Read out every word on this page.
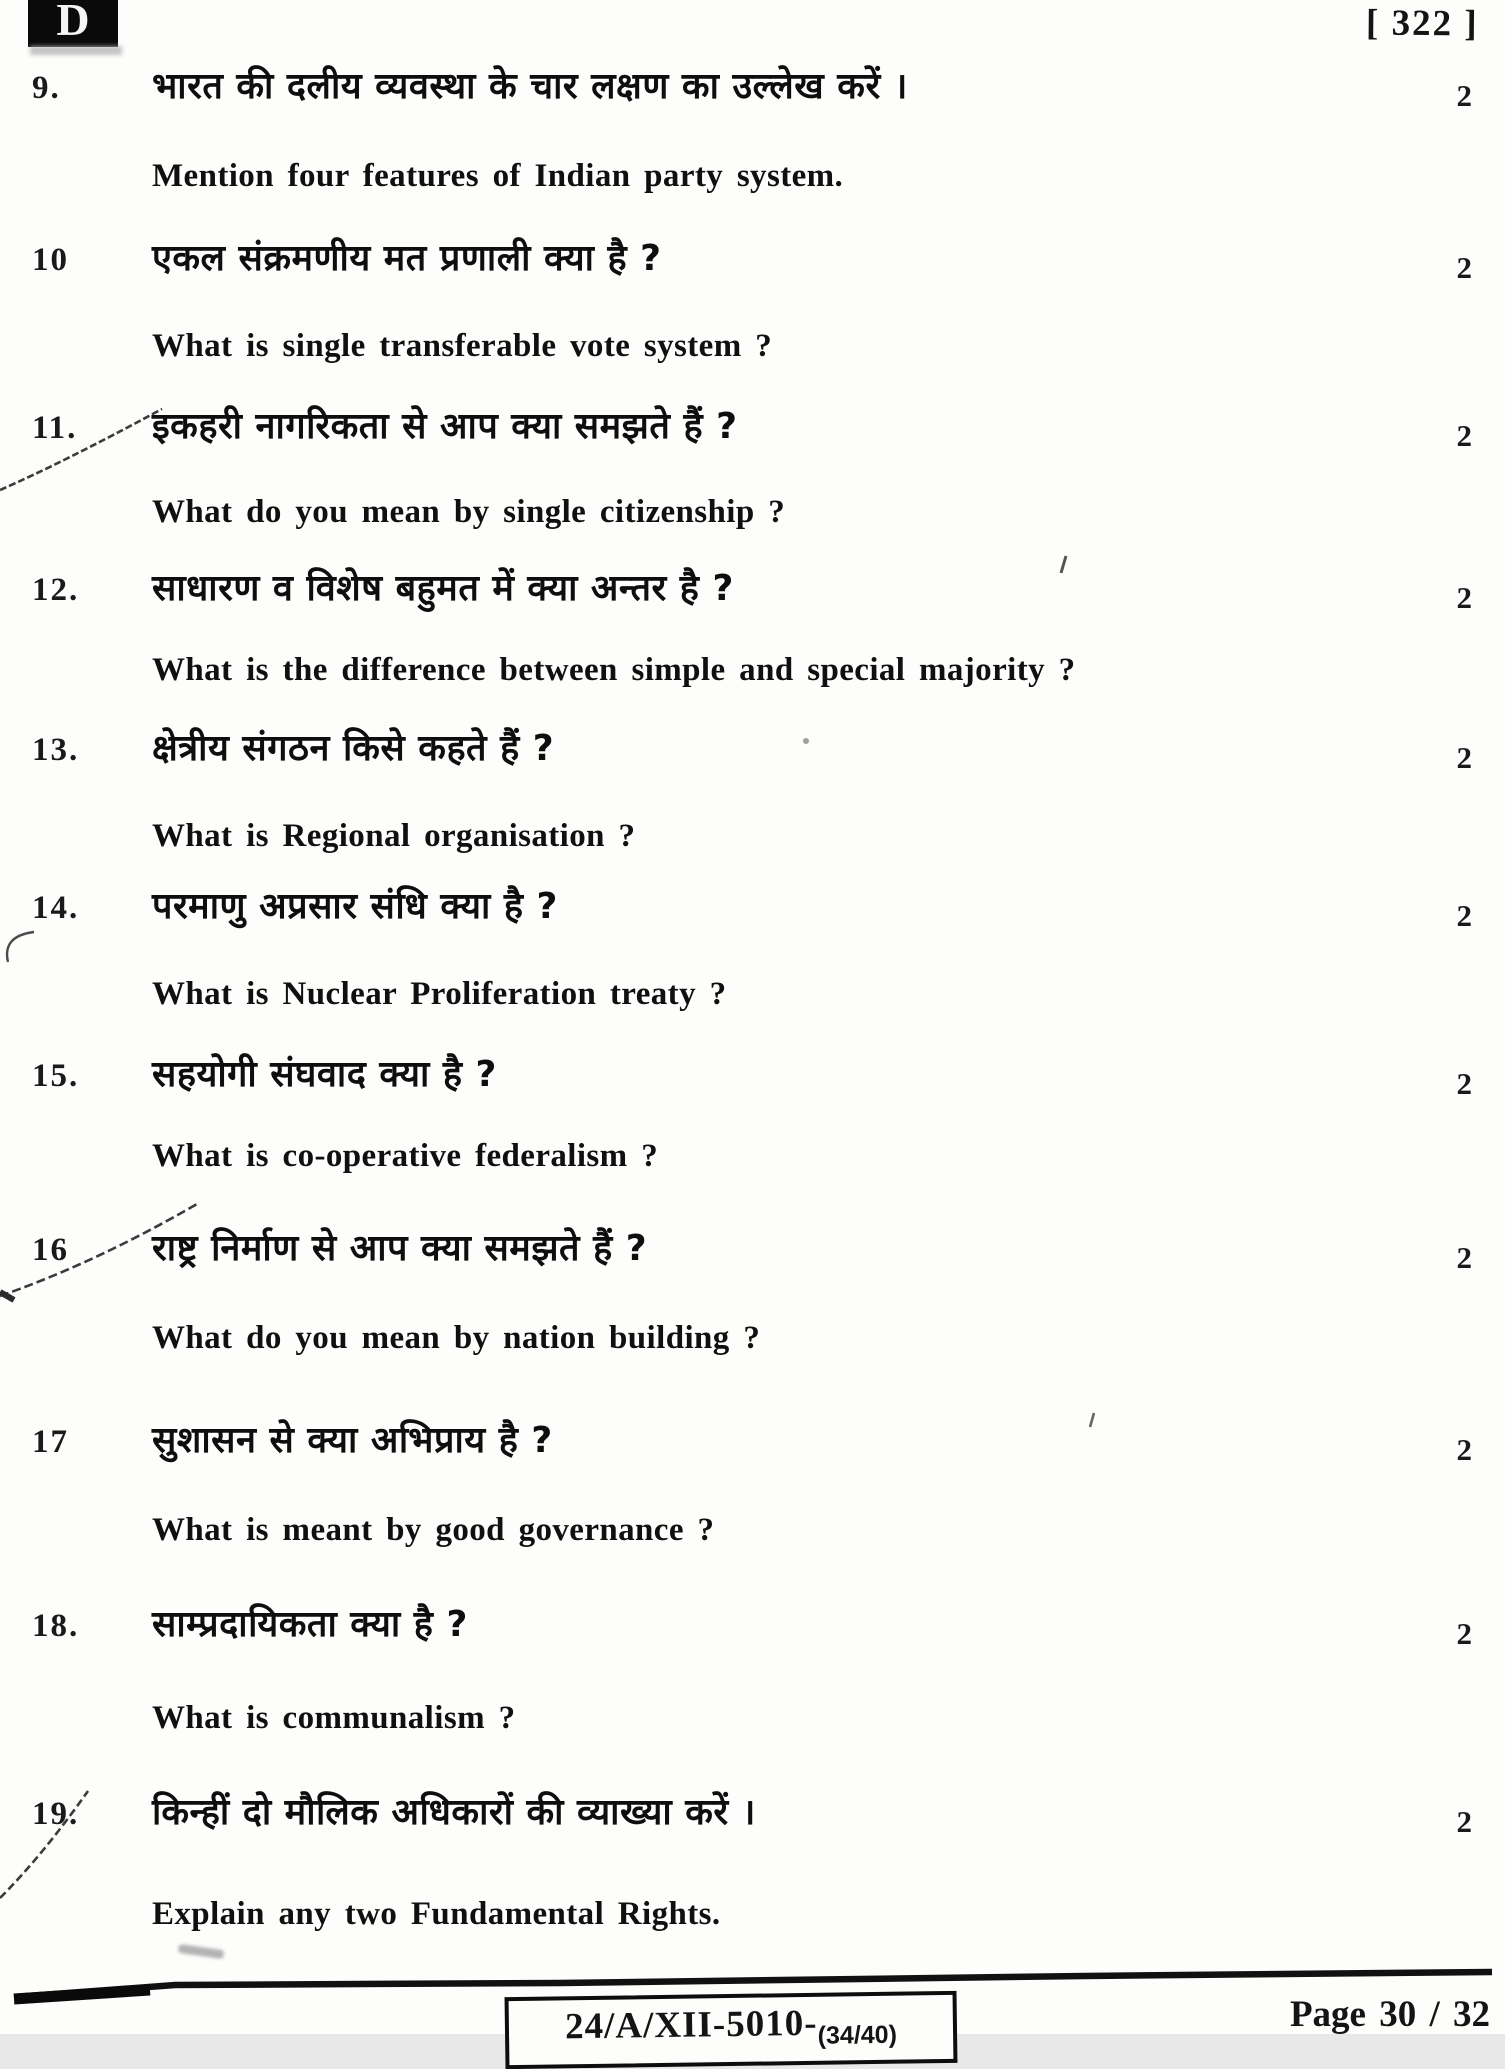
D	[ 322 ]
9.	भारत की दलीय व्यवस्था के चार लक्षण का उल्लेख करें ।	2
Mention four features of Indian party system.
10	एकल संक्रमणीय मत प्रणाली क्या है ?	2
What is single transferable vote system ?
11.	इकहरी नागरिकता से आप क्या समझते हैं ?	2
What do you mean by single citizenship ?
12.	साधारण व विशेष बहुमत में क्या अन्तर है ?	2
What is the difference between simple and special majority ?
13.	क्षेत्रीय संगठन किसे कहते हैं ?	2
What is Regional organisation ?
14.	परमाणु अप्रसार संधि क्या है ?	2
What is Nuclear Proliferation treaty ?
15.	सहयोगी संघवाद क्या है ?	2
What is co-operative federalism ?
16	राष्ट्र निर्माण से आप क्या समझते हैं ?	2
What do you mean by nation building ?
17	सुशासन से क्या अभिप्राय है ?	2
What is meant by good governance ?
18.	साम्प्रदायिकता क्या है ?	2
What is communalism ?
19.	किन्हीं दो मौलिक अधिकारों की व्याख्या करें ।	2
Explain any two Fundamental Rights.
24/A/XII-5010- (34/40)
Page 30 / 32
